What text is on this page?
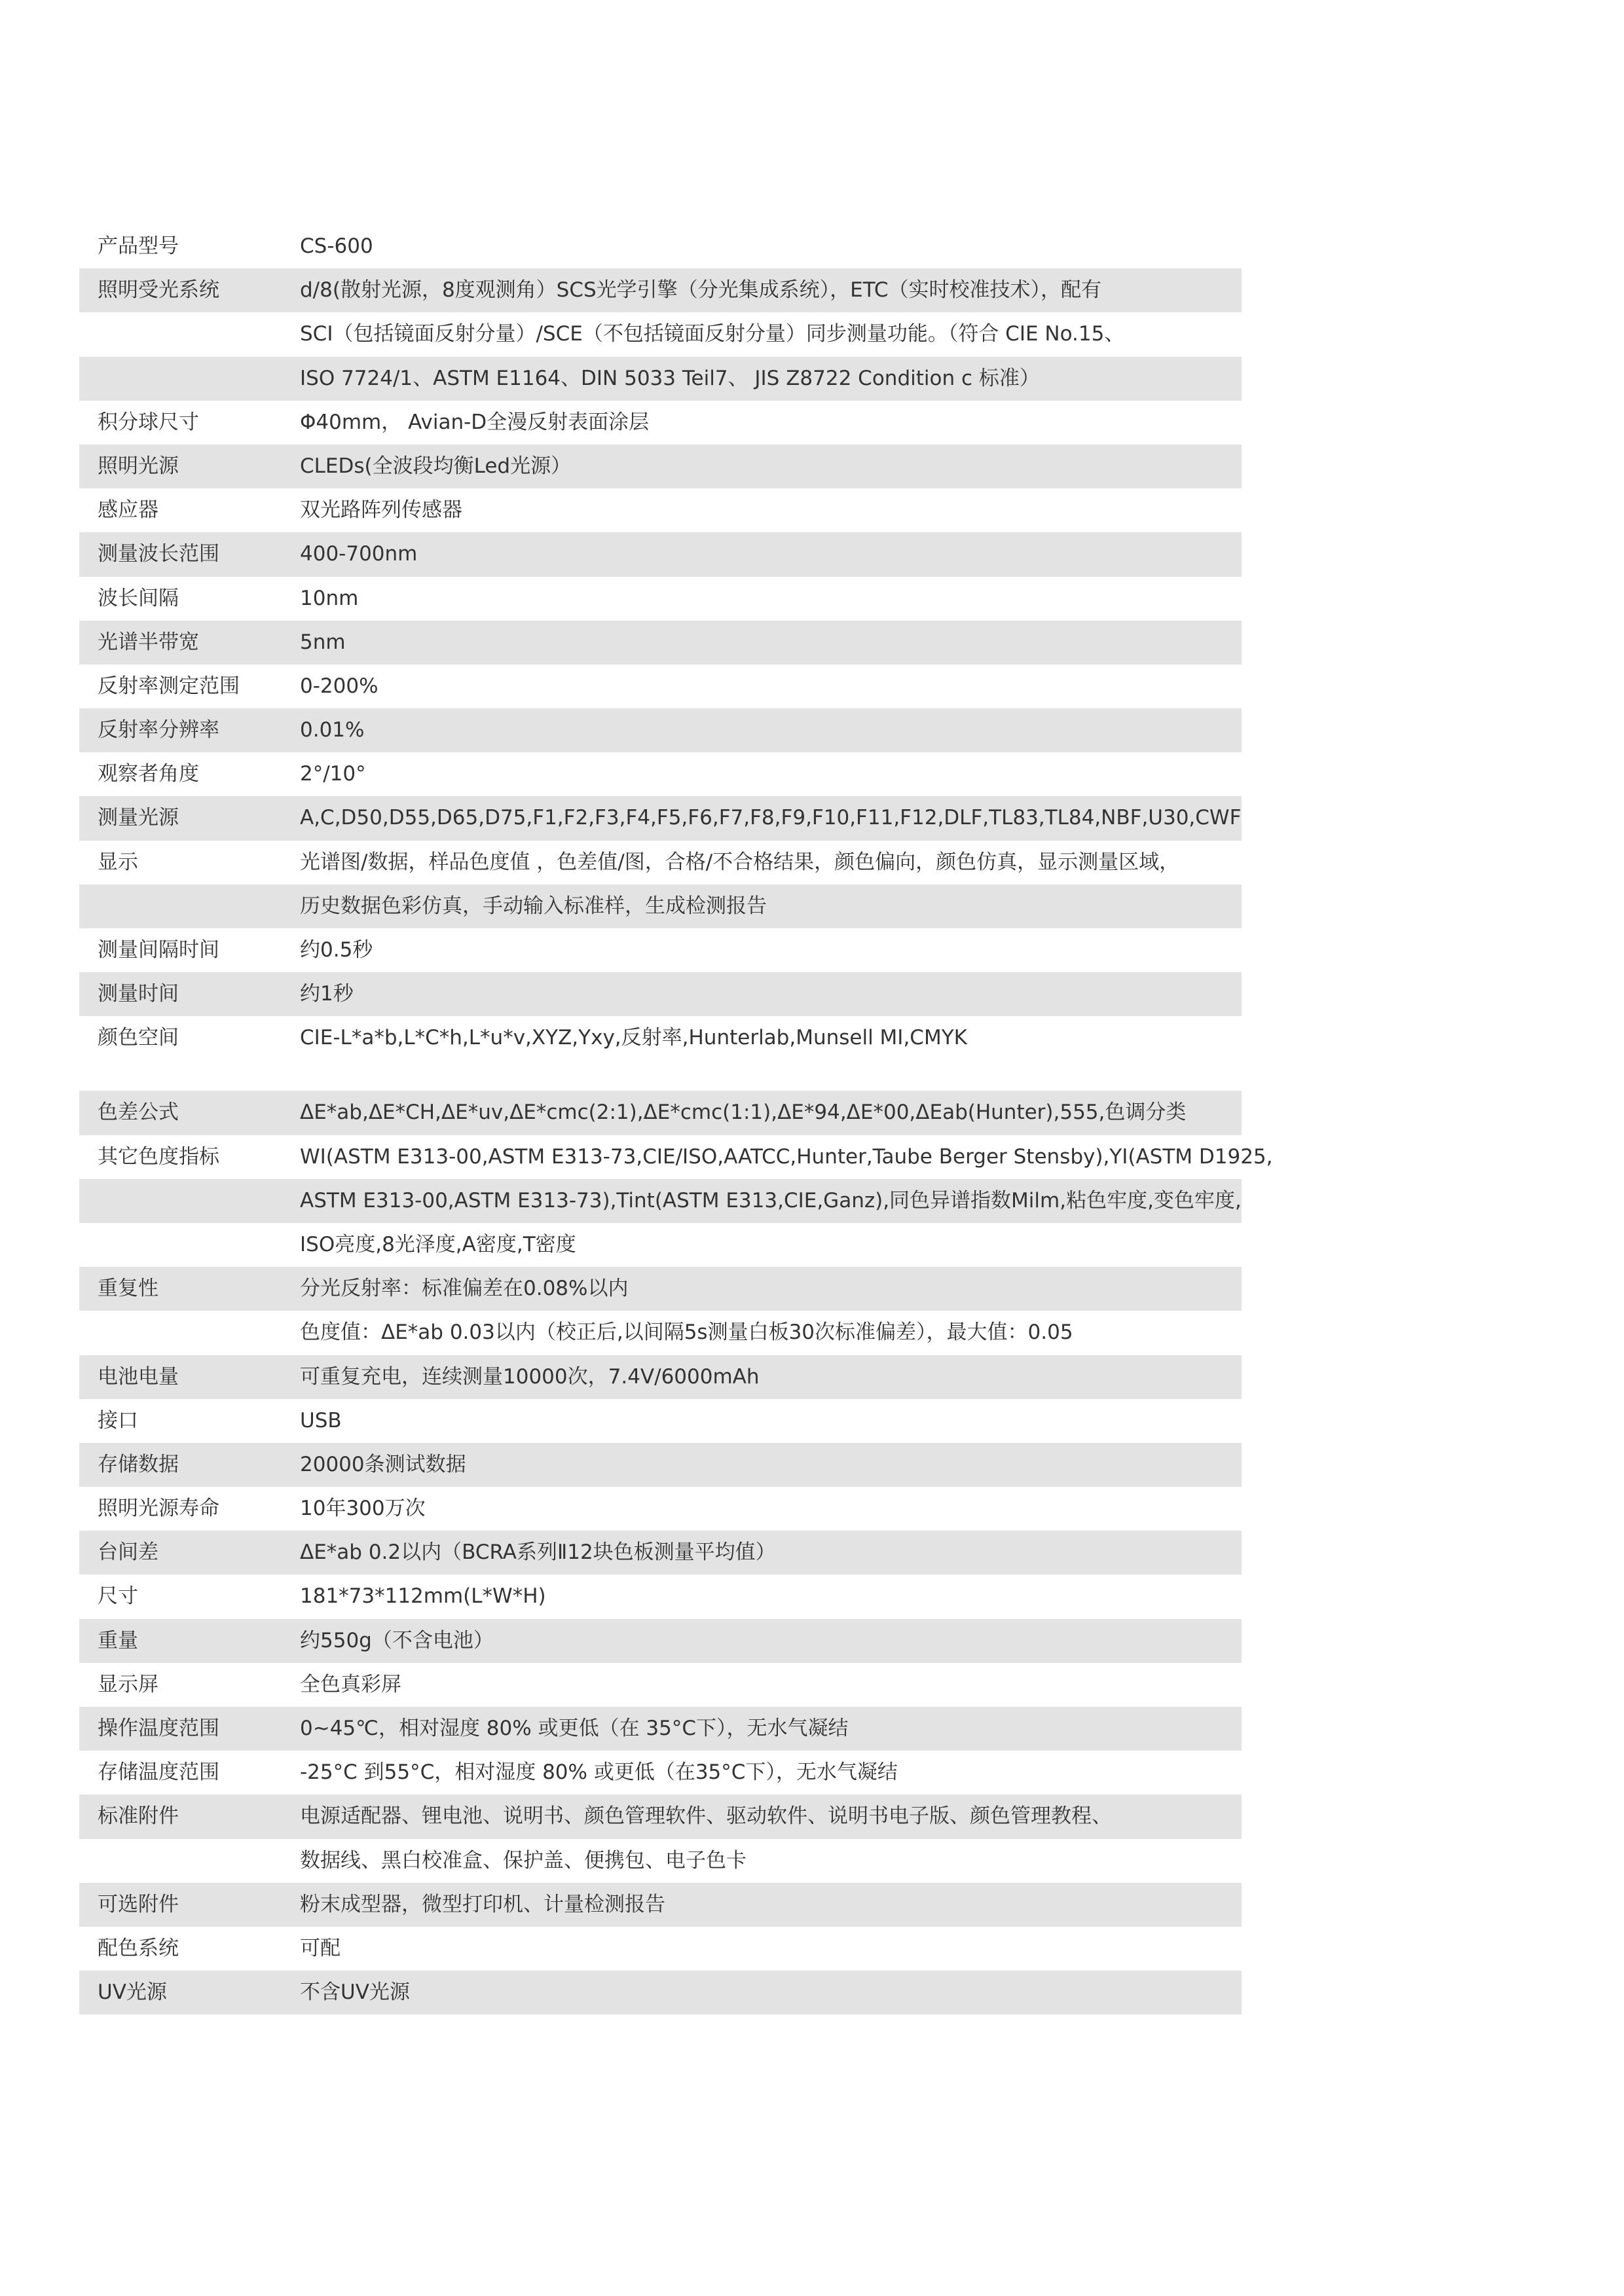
产品型号	CS-600
照明受光系统	d/8(散射光源，8度观测角）SCS光学引擎（分光集成系统），ETC（实时校准技术），配有
SCI（包括镜面反射分量）/SCE（不包括镜面反射分量）同步测量功能。（符合 CIE No.15、
ISO 7724/1、ASTM E1164、DIN 5033 Teil7、 JIS Z8722 Condition c 标准）
积分球尺寸	Φ40mm， Avian-D全漫反射表面涂层
照明光源	CLEDs(全波段均衡Led光源）
感应器	双光路阵列传感器
测量波长范围	400-700nm
波长间隔	10nm
光谱半带宽	5nm
反射率测定范围	0-200%
反射率分辨率	0.01%
观察者角度	2°/10°
测量光源	A,C,D50,D55,D65,D75,F1,F2,F3,F4,F5,F6,F7,F8,F9,F10,F11,F12,DLF,TL83,TL84,NBF,U30,CWF
显示	光谱图/数据，样品色度值 ，色差值/图，合格/不合格结果，颜色偏向，颜色仿真，显示测量区域，
历史数据色彩仿真，手动输入标准样，生成检测报告
测量间隔时间	约0.5秒
测量时间	约1秒
颜色空间	CIE-L*a*b,L*C*h,L*u*v,XYZ,Yxy,反射率,Hunterlab,Munsell MI,CMYK
色差公式	ΔE*ab,ΔE*CH,ΔE*uv,ΔE*cmc(2:1),ΔE*cmc(1:1),ΔE*94,ΔE*00,ΔEab(Hunter),555,色调分类
其它色度指标	WI(ASTM E313-00,ASTM E313-73,CIE/ISO,AATCC,Hunter,Taube Berger Stensby),YI(ASTM D1925,
ASTM E313-00,ASTM E313-73),Tint(ASTM E313,CIE,Ganz),同色异谱指数Milm,粘色牢度,变色牢度,
ISO亮度,8光泽度,A密度,T密度
重复性	分光反射率：标准偏差在0.08%以内
色度值：ΔE*ab 0.03以内（校正后,以间隔5s测量白板30次标准偏差），最大值：0.05
电池电量	可重复充电，连续测量10000次，7.4V/6000mAh
接口	USB
存储数据	20000条测试数据
照明光源寿命	10年300万次
台间差	ΔE*ab 0.2以内（BCRA系列Ⅱ12块色板测量平均值）
尺寸	181*73*112mm(L*W*H)
重量	约550g（不含电池）
显示屏	全色真彩屏
操作温度范围	0~45℃，相对湿度 80% 或更低（在 35°C下），无水气凝结
存储温度范围	-25°C 到55°C，相对湿度 80% 或更低（在35°C下），无水气凝结
标准附件	电源适配器、锂电池、说明书、颜色管理软件、驱动软件、说明书电子版、颜色管理教程、
数据线、黑白校准盒、保护盖、便携包、电子色卡
可选附件	粉末成型器，微型打印机、计量检测报告
配色系统	可配
UV光源	不含UV光源
